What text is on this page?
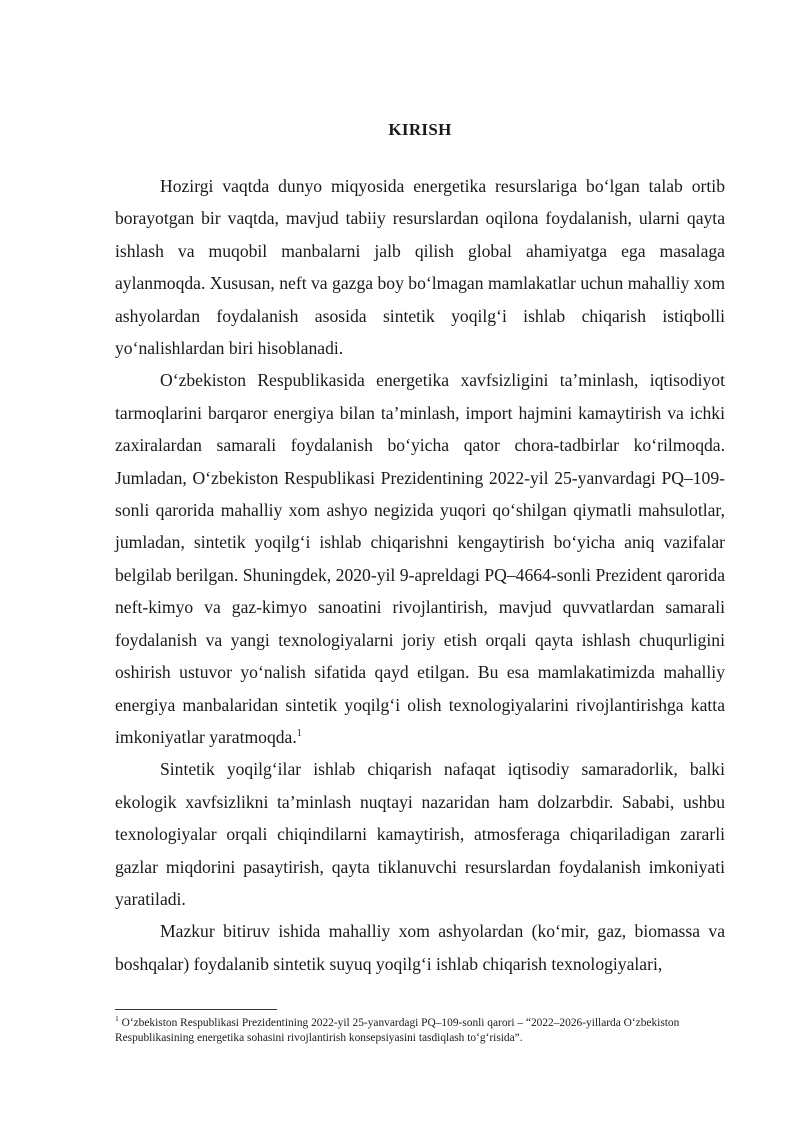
KIRISH

Hozirgi vaqtda dunyo miqyosida energetika resurslariga boʻlgan talab ortib borayotgan bir vaqtda, mavjud tabiiy resurslardan oqilona foydalanish, ularni qayta ishlash va muqobil manbalarni jalb qilish global ahamiyatga ega masalaga aylanmoqda. Xususan, neft va gazga boy boʻlmagan mamlakatlar uchun mahalliy xom ashyolardan foydalanish asosida sintetik yoqilgʻi ishlab chiqarish istiqbolli yoʻnalishlardan biri hisoblanadi.

Oʻzbekiston Respublikasida energetika xavfsizligini taʼminlash, iqtisodiyot tarmoqlarini barqaror energiya bilan taʼminlash, import hajmini kamaytirish va ichki zaxiralardan samarali foydalanish boʻyicha qator chora-tadbirlar koʻrilmoqda. Jumladan, Oʻzbekiston Respublikasi Prezidentining 2022-yil 25-yanvardagi PQ–109-sonli qarorida mahalliy xom ashyo negizida yuqori qoʻshilgan qiymatli mahsulotlar, jumladan, sintetik yoqilgʻi ishlab chiqarishni kengaytirish boʻyicha aniq vazifalar belgilab berilgan. Shuningdek, 2020-yil 9-apreldagi PQ–4664-sonli Prezident qarorida neft-kimyo va gaz-kimyo sanoatini rivojlantirish, mavjud quvvatlardan samarali foydalanish va yangi texnologiyalarni joriy etish orqali qayta ishlash chuqurligini oshirish ustuvor yoʻnalish sifatida qayd etilgan. Bu esa mamlakatimizda mahalliy energiya manbalaridan sintetik yoqilgʻi olish texnologiyalarini rivojlantirishga katta imkoniyatlar yaratmoqda.$^1$

Sintetik yoqilgʻilar ishlab chiqarish nafaqat iqtisodiy samaradorlik, balki ekologik xavfsizlikni taʼminlash nuqtayi nazaridan ham dolzarbdir. Sababi, ushbu texnologiyalar orqali chiqindilarni kamaytirish, atmosferaga chiqariladigan zararli gazlar miqdorini pasaytirish, qayta tiklanuvchi resurslardan foydalanish imkoniyati yaratiladi.

Mazkur bitiruv ishida mahalliy xom ashyolardan (koʻmir, gaz, biomassa va boshqalar) foydalanib sintetik suyuq yoqilgʻi ishlab chiqarish texnologiyalari,

$^1$ Oʻzbekiston Respublikasi Prezidentining 2022-yil 25-yanvardagi PQ–109-sonli qarori – “2022–2026-yillarda Oʻzbekiston Respublikasining energetika sohasini rivojlantirish konsepsiyasini tasdiqlash toʻgʻrisida”.
